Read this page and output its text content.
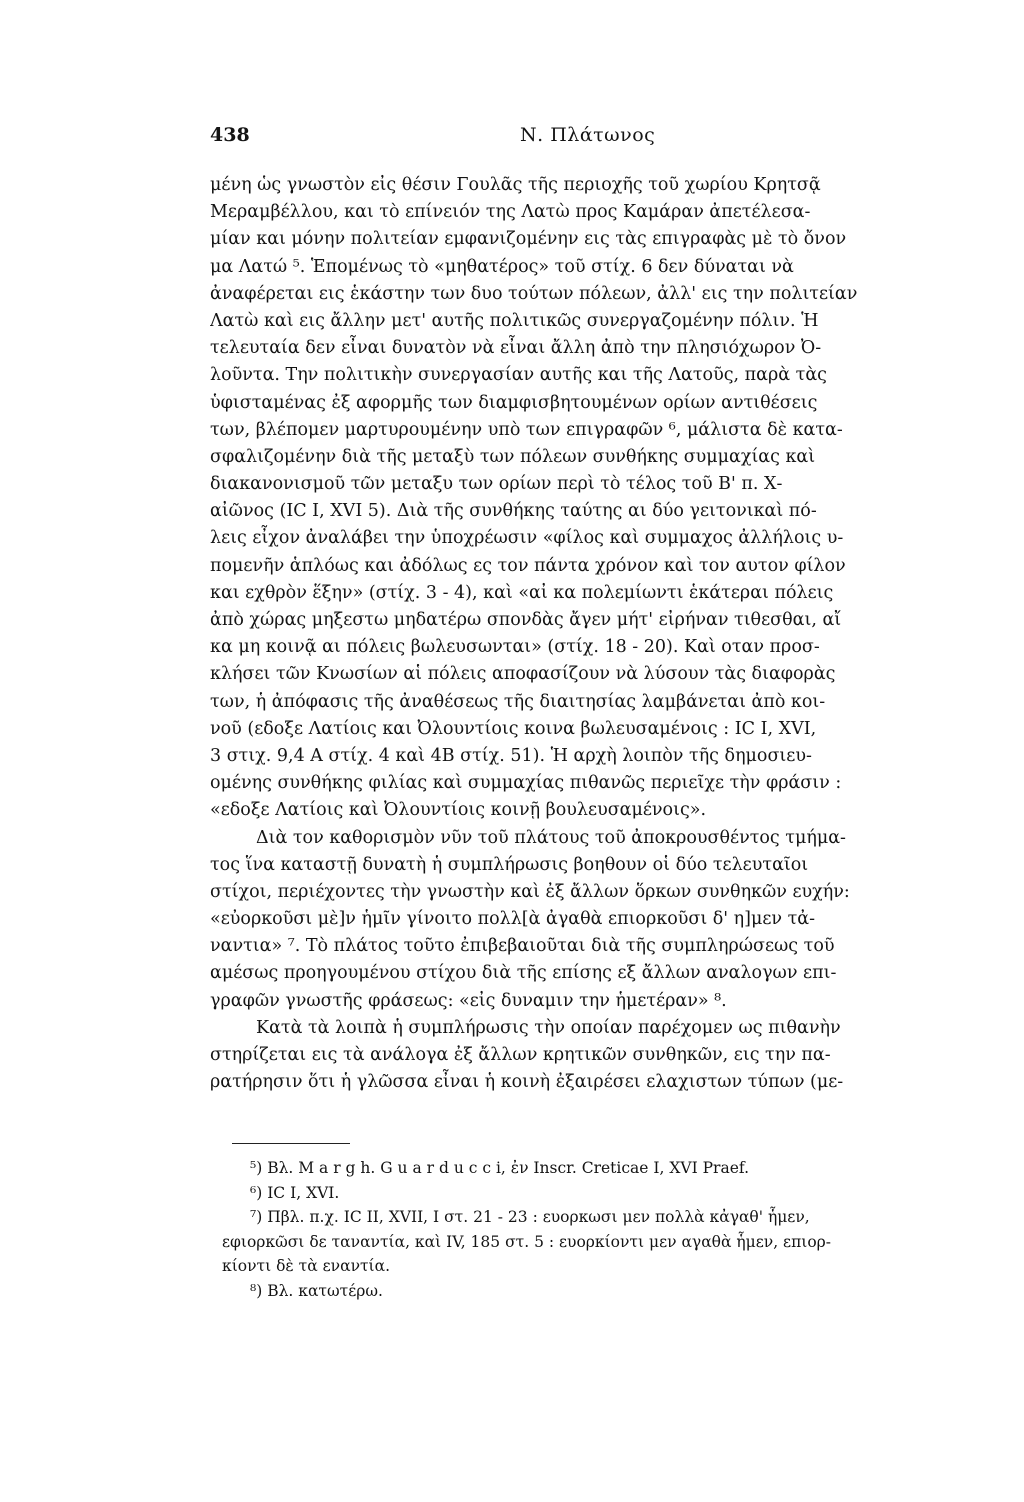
438	Ν. Πλάτωνος
μένη ὡς γνωστὸν εἰς θέσιν Γουλᾶς τῆς περιοχῆς τοῦ χωρίου Κρητσᾷ
Μεραμβέλλου, και τὸ επίνειόν της Λατὼ προς Καμάραν ἀπετέλεσα-
μίαν και μόνην πολιτείαν εμφανιζομένην εις τὰς επιγραφὰς μὲ τὸ ὄνον
μα Λατώ ⁵. Ἑπομένως τὸ «μηθατέρος» τοῦ στίχ. 6 δεν δύναται νὰ
ἀναφέρεται εις ἑκάστην των δυο τούτων πόλεων, ἀλλ' εις την πολιτείαν
Λατὼ καὶ εις ἄλλην μετ' αυτῆς πολιτικῶς συνεργαζομένην πόλιν. Ἡ
τελευταία δεν εἶναι δυνατὸν νὰ εἶναι ἄλλη ἀπὸ την πλησιόχωρον Ὀ-
λοῦντα. Την πολιτικὴν συνεργασίαν αυτῆς και τῆς Λατοῦς, παρὰ τὰς
ὑφισταμένας ἐξ αφορμῆς των διαμφισβητουμένων ορίων αντιθέσεις
των, βλέπομεν μαρτυρουμένην υπὸ των επιγραφῶν ⁶, μάλιστα δὲ κατα-
σφαλιζομένην διὰ τῆς μεταξὺ των πόλεων συνθήκης συμμαχίας καὶ
διακανονισμοῦ τῶν μεταξυ των ορίων περὶ τὸ τέλος τοῦ Β' π. Χ-
αἰῶνος (IC I, XVI 5). Διὰ τῆς συνθήκης ταύτης αι δύο γειτονικαὶ πό-
λεις εἶχον ἀναλάβει την ὑποχρέωσιν «φίλος καὶ συμμαχος ἀλλήλοις υ-
πομενῆν ἁπλόως και ἀδόλως ες τον πάντα χρόνον καὶ τον αυτον φίλον
και εχθρὸν ἕξην» (στίχ. 3 - 4), καὶ «αἰ κα πολεμίωντι ἑκάτεραι πόλεις
ἀπὸ χώρας μηξεστω μηδατέρω σπονδὰς ἄγεν μήτ' εἰρήναν τιθεσθαι, αἴ
κα μη κοινᾷ αι πόλεις βωλευσωνται» (στίχ. 18 - 20). Καὶ οταν προσ-
κλήσει τῶν Κνωσίων αἱ πόλεις αποφασίζουν νὰ λύσουν τὰς διαφορὰς
των, ἡ ἀπόφασις τῆς ἀναθέσεως τῆς διαιτησίας λαμβάνεται ἀπὸ κοι-
νοῦ (εδοξε Λατίοις και Ὀλουντίοις κοινα βωλευσαμένοις : IC I, XVI,
3 στιχ. 9,4 Α στίχ. 4 καὶ 4Β στίχ. 51). Ἡ αρχὴ λοιπὸν τῆς δημοσιευ-
ομένης συνθήκης φιλίας καὶ συμμαχίας πιθανῶς περιεῖχε τὴν φράσιν :
«εδοξε Λατίοις καὶ Ὀλουντίοις κοινῇ βουλευσαμένοις».
Διὰ τον καθορισμὸν νῦν τοῦ πλάτους τοῦ ἀποκρουσθέντος τμήμα-
τος ἵνα καταστῇ δυνατὴ ἡ συμπλήρωσις βοηθουν οἱ δύο τελευταῖοι
στίχοι, περιέχοντες τὴν γνωστὴν καὶ ἐξ ἄλλων ὅρκων συνθηκῶν ευχήν:
«εὐορκοῦσι μὲ]ν ἡμῖν γίνοιτο πολλ[ὰ ἀγαθὰ επιορκοῦσι δ' η]μεν τἀ-
ναντια» ⁷. Τὸ πλάτος τοῦτο ἐπιβεβαιοῦται διὰ τῆς συμπληρώσεως τοῦ
αμέσως προηγουμένου στίχου διὰ τῆς επίσης εξ ἄλλων αναλογων επι-
γραφῶν γνωστῆς φράσεως: «εἰς δυναμιν την ἡμετέραν» ⁸.
Κατὰ τὰ λοιπὰ ἡ συμπλήρωσις τὴν οποίαν παρέχομεν ως πιθανὴν
στηρίζεται εις τὰ ανάλογα ἐξ ἄλλων κρητικῶν συνθηκῶν, εις την πα-
ρατήρησιν ὅτι ἡ γλῶσσα εἶναι ἡ κοινὴ ἐξαιρέσει ελαχιστων τύπων (με-
⁵) Βλ. M a r g h. G u a r d u c c i, ἐν Inscr. Creticae I, XVI Praef.
⁶) IC I, XVI.
⁷) Πβλ. π.χ. IC II, XVII, I στ. 21 - 23 : ευορκωσι μεν πολλὰ κἀγαθ' ἧμεν,
εφιορκῶσι δε ταναντία, καὶ IV, 185 στ. 5 : ευορκίοντι μεν αγαθὰ ἧμεν, επιορ-
κίοντι δὲ τὰ εναντία.
⁸) Βλ. κατωτέρω.
